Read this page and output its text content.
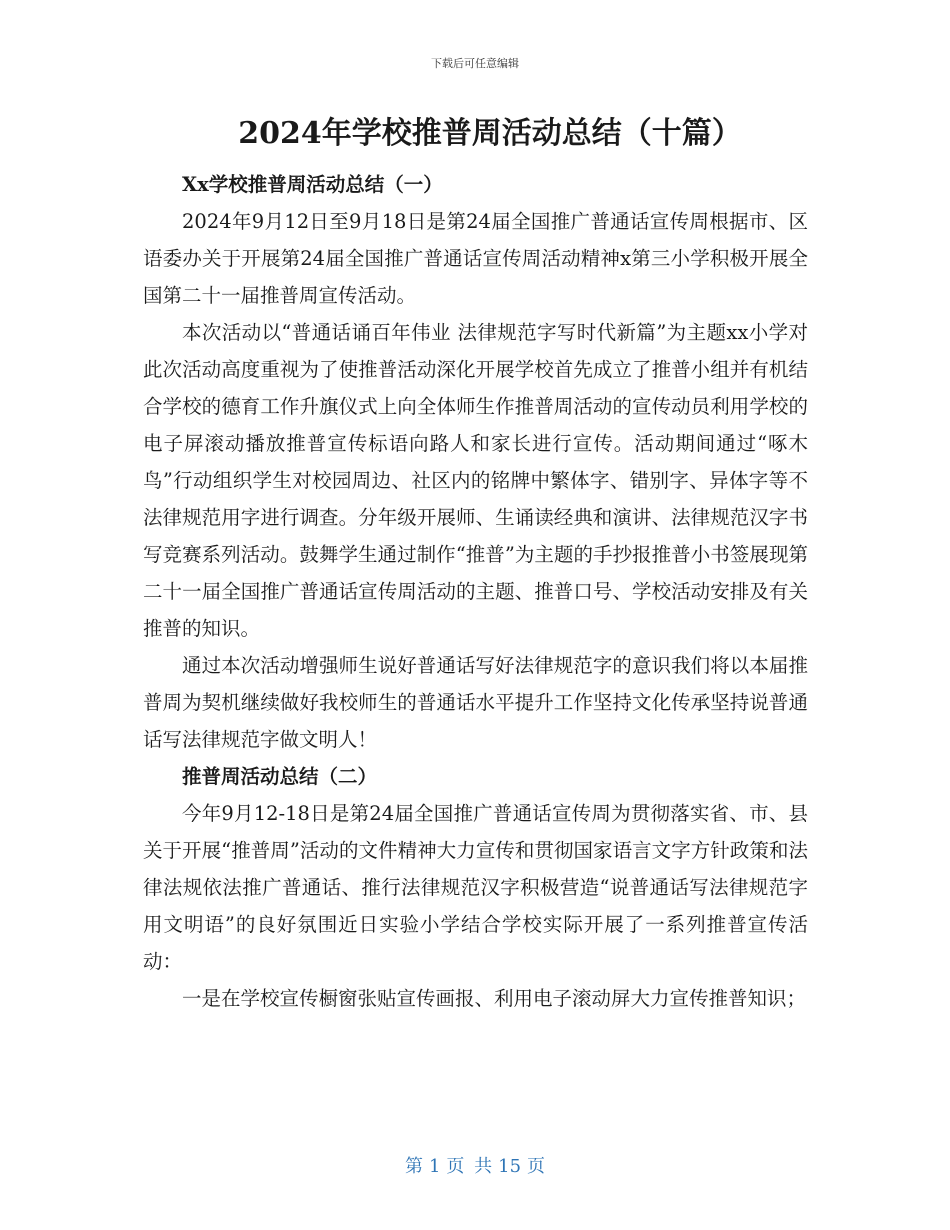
下载后可任意编辑
2024年学校推普周活动总结（十篇）

Xx学校推普周活动总结（一）

2024年9月12日至9月18日是第24届全国推广普通话宣传周根据市、区语委办关于开展第24届全国推广普通话宣传周活动精神x第三小学积极开展全国第二十一届推普周宣传活动。

本次活动以“普通话诵百年伟业 法律规范字写时代新篇”为主题xx小学对此次活动高度重视为了使推普活动深化开展学校首先成立了推普小组并有机结合学校的德育工作升旗仪式上向全体师生作推普周活动的宣传动员利用学校的电子屏滚动播放推普宣传标语向路人和家长进行宣传。活动期间通过“啄木鸟”行动组织学生对校园周边、社区内的铭牌中繁体字、错别字、异体字等不法律规范用字进行调查。分年级开展师、生诵读经典和演讲、法律规范汉字书写竞赛系列活动。鼓舞学生通过制作“推普”为主题的手抄报推普小书签展现第二十一届全国推广普通话宣传周活动的主题、推普口号、学校活动安排及有关推普的知识。

通过本次活动增强师生说好普通话写好法律规范字的意识我们将以本届推普周为契机继续做好我校师生的普通话水平提升工作坚持文化传承坚持说普通话写法律规范字做文明人！

推普周活动总结（二）

今年9月12-18日是第24届全国推广普通话宣传周为贯彻落实省、市、县关于开展“推普周”活动的文件精神大力宣传和贯彻国家语言文字方针政策和法律法规依法推广普通话、推行法律规范汉字积极营造“说普通话写法律规范字用文明语”的良好氛围近日实验小学结合学校实际开展了一系列推普宣传活动：

一是在学校宣传橱窗张贴宣传画报、利用电子滚动屏大力宣传推普知识；

第 1 页 共 15 页
